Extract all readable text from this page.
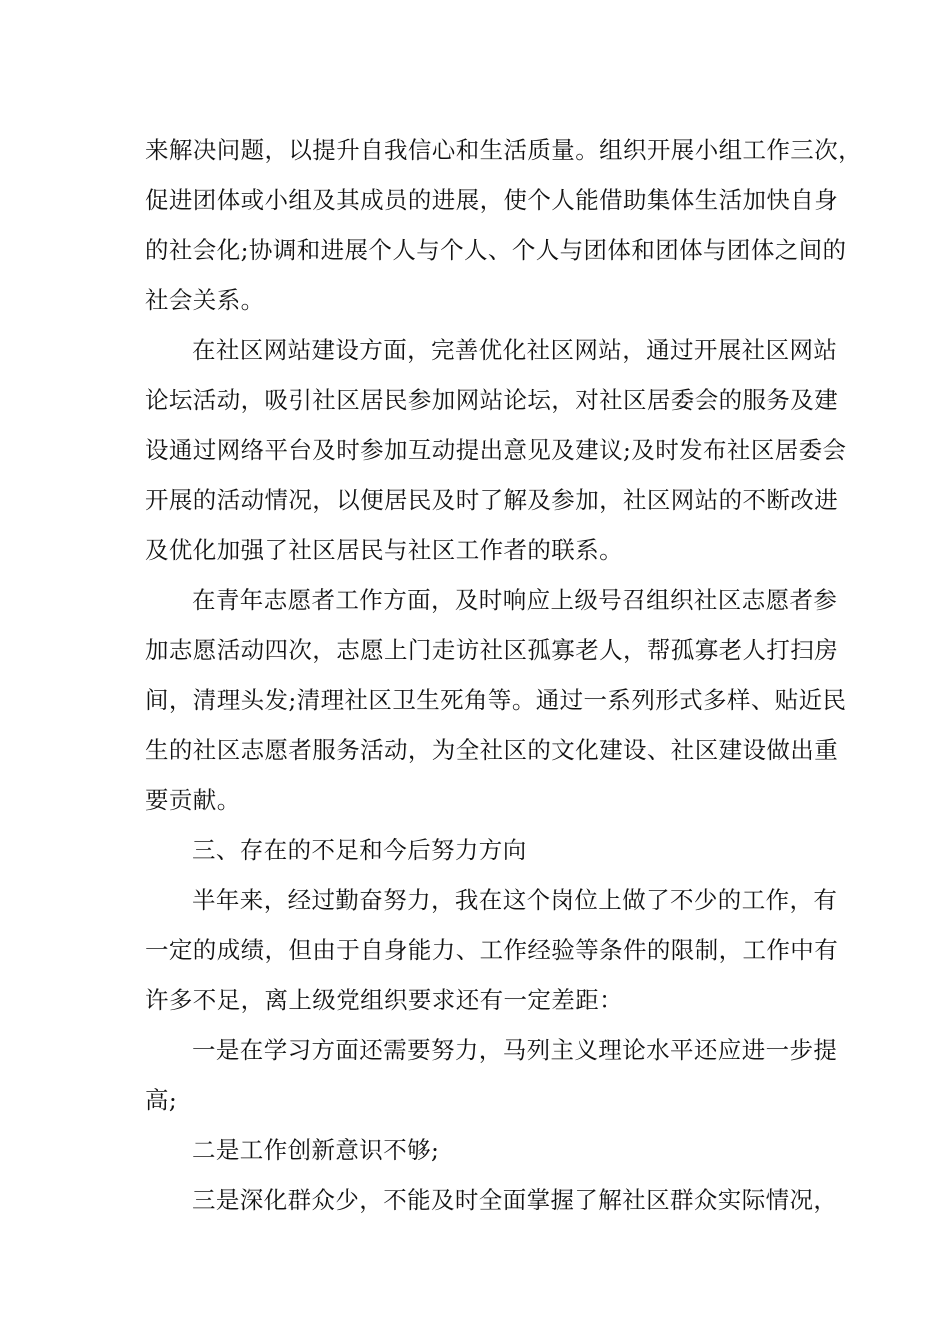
来解决问题，以提升自我信心和生活质量。组织开展小组工作三次，
促进团体或小组及其成员的进展，使个人能借助集体生活加快自身
的社会化;协调和进展个人与个人、个人与团体和团体与团体之间的
社会关系。
在社区网站建设方面，完善优化社区网站，通过开展社区网站
论坛活动，吸引社区居民参加网站论坛，对社区居委会的服务及建
设通过网络平台及时参加互动提出意见及建议;及时发布社区居委会
开展的活动情况，以便居民及时了解及参加，社区网站的不断改进
及优化加强了社区居民与社区工作者的联系。
在青年志愿者工作方面，及时响应上级号召组织社区志愿者参
加志愿活动四次，志愿上门走访社区孤寡老人，帮孤寡老人打扫房
间，清理头发;清理社区卫生死角等。通过一系列形式多样、贴近民
生的社区志愿者服务活动，为全社区的文化建设、社区建设做出重
要贡献。
三、存在的不足和今后努力方向
半年来，经过勤奋努力，我在这个岗位上做了不少的工作，有
一定的成绩，但由于自身能力、工作经验等条件的限制，工作中有
许多不足，离上级党组织要求还有一定差距：
一是在学习方面还需要努力，马列主义理论水平还应进一步提
高;
二是工作创新意识不够;
三是深化群众少，不能及时全面掌握了解社区群众实际情况，
